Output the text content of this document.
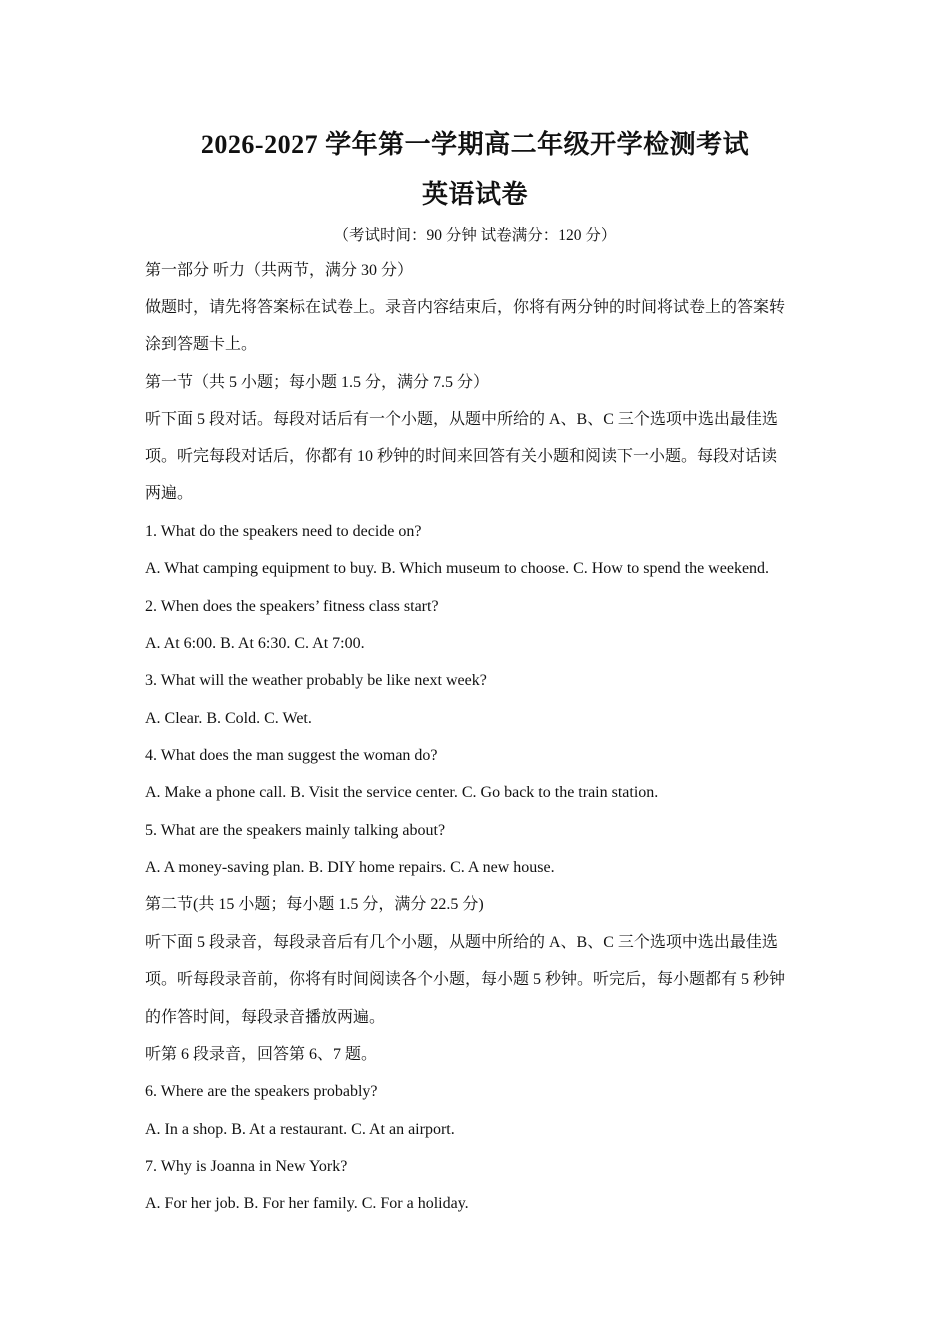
2026-2027 学年第一学期高二年级开学检测考试
英语试卷
（考试时间：90 分钟 试卷满分：120 分）
第一部分 听力（共两节，满分 30 分）
做题时，请先将答案标在试卷上。录音内容结束后，你将有两分钟的时间将试卷上的答案转
涂到答题卡上。
第一节（共 5 小题；每小题 1.5 分，满分 7.5 分）
听下面 5 段对话。每段对话后有一个小题，从题中所给的 A、B、C 三个选项中选出最佳选
项。听完每段对话后，你都有 10 秒钟的时间来回答有关小题和阅读下一小题。每段对话读
两遍。
1. What do the speakers need to decide on?
A. What camping equipment to buy. B. Which museum to choose. C. How to spend the weekend.
2. When does the speakers’ fitness class start?
A. At 6:00. B. At 6:30. C. At 7:00.
3. What will the weather probably be like next week?
A. Clear. B. Cold. C. Wet.
4. What does the man suggest the woman do?
A. Make a phone call. B. Visit the service center. C. Go back to the train station.
5. What are the speakers mainly talking about?
A. A money-saving plan. B. DIY home repairs. C. A new house.
第二节(共 15 小题；每小题 1.5 分，满分 22.5 分)
听下面 5 段录音，每段录音后有几个小题，从题中所给的 A、B、C 三个选项中选出最佳选
项。听每段录音前，你将有时间阅读各个小题，每小题 5 秒钟。听完后，每小题都有 5 秒钟
的作答时间，每段录音播放两遍。
听第 6 段录音，回答第 6、7 题。
6. Where are the speakers probably?
A. In a shop. B. At a restaurant. C. At an airport.
7. Why is Joanna in New York?
A. For her job. B. For her family. C. For a holiday.
